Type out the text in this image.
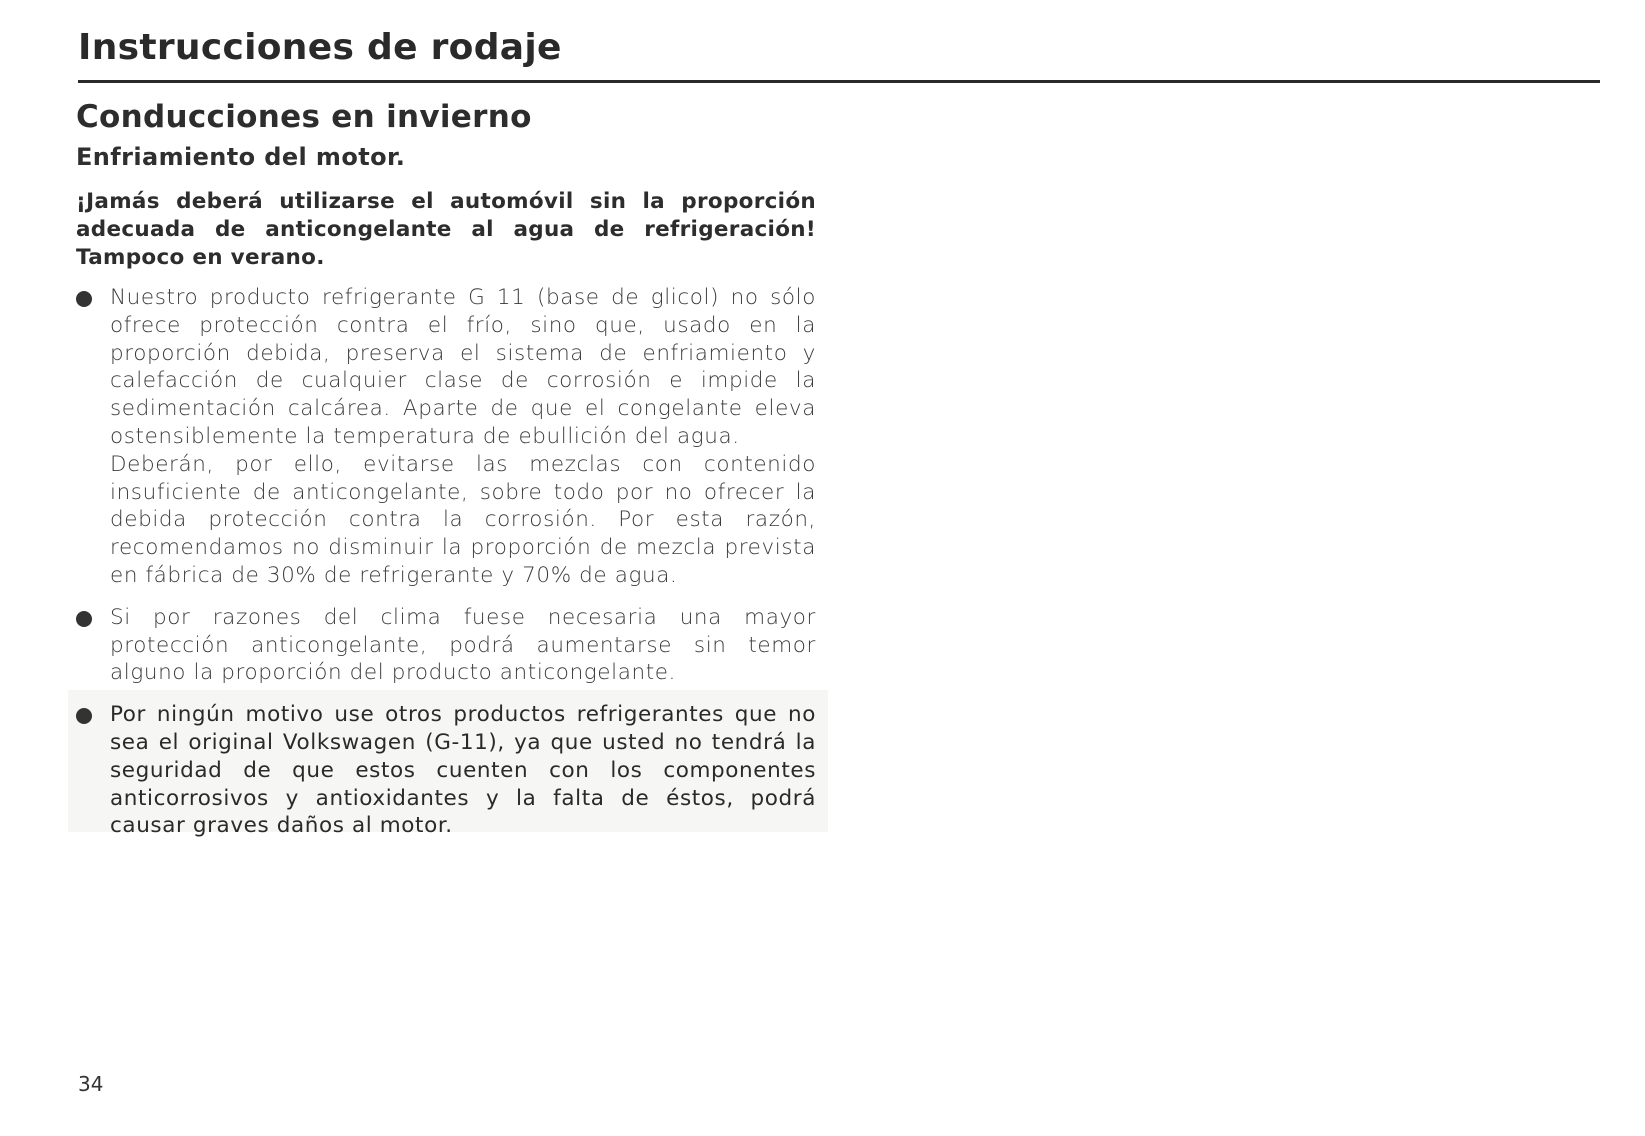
Instrucciones de rodaje
Conducciones en invierno
Enfriamiento del motor.

¡Jamás deberá utilizarse el automóvil sin la proporción adecuada de anticongelante al agua de refrigeración! Tampoco en verano.

Nuestro producto refrigerante G 11 (base de glicol) no sólo ofrece protección contra el frío, sino que, usado en la proporción debida, preserva el sistema de enfriamiento y calefacción de cualquier clase de corrosión e impide la sedimentación calcárea. Aparte de que el congelante eleva ostensiblemente la temperatura de ebullición del agua.

Deberán, por ello, evitarse las mezclas con contenido insuficiente de anticongelante, sobre todo por no ofrecer la debida protección contra la corrosión. Por esta razón, recomendamos no disminuir la proporción de mezcla prevista en fábrica de 30% de refrigerante y 70% de agua.

Si por razones del clima fuese necesaria una mayor protección anticongelante, podrá aumentarse sin temor alguno la proporción del producto anticongelante.

Por ningún motivo use otros productos refrigerantes que no sea el original Volkswagen (G-11), ya que usted no tendrá la seguridad de que estos cuenten con los componentes anticorrosivos y antioxidantes y la falta de éstos, podrá causar graves daños al motor.

34
